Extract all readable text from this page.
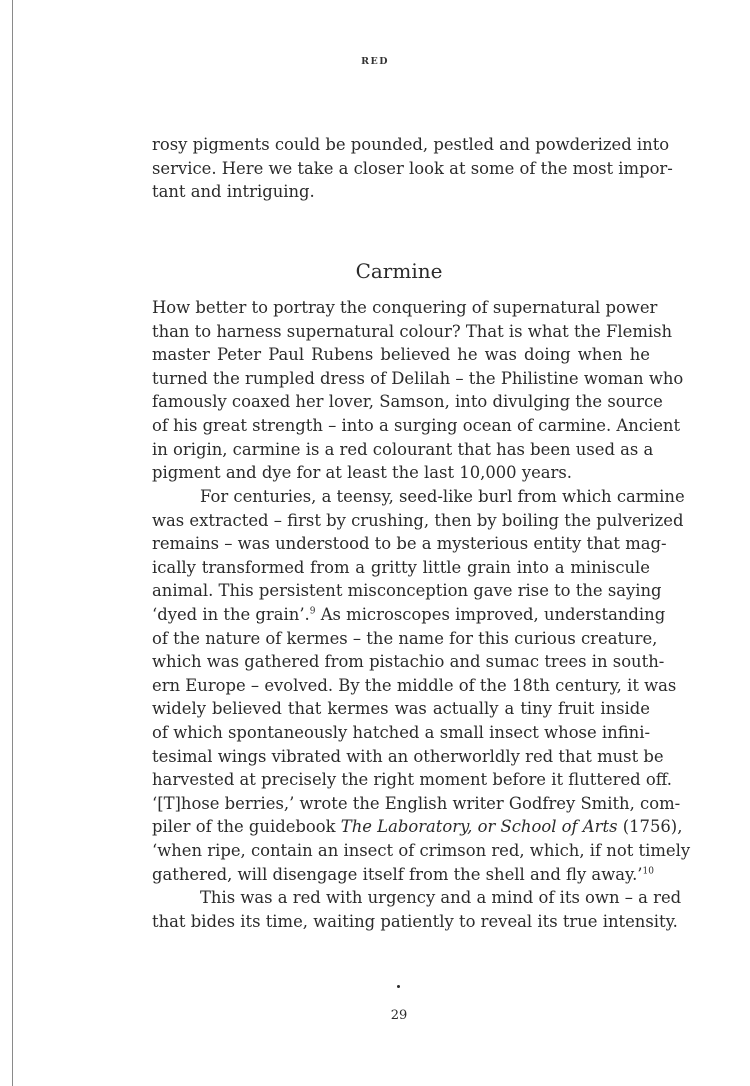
RED

rosy pigments could be pounded, pestled and powderized into
service. Here we take a closer look at some of the most impor-
tant and intriguing.

Carmine

How better to portray the conquering of supernatural power
than to harness supernatural colour? That is what the Flemish
master Peter Paul Rubens believed he was doing when he
turned the rumpled dress of Delilah – the Philistine woman who
famously coaxed her lover, Samson, into divulging the source
of his great strength – into a surging ocean of carmine. Ancient
in origin, carmine is a red colourant that has been used as a
pigment and dye for at least the last 10,000 years.

For centuries, a teensy, seed-like burl from which carmine
was extracted – first by crushing, then by boiling the pulverized
remains – was understood to be a mysterious entity that mag-
ically transformed from a gritty little grain into a miniscule
animal. This persistent misconception gave rise to the saying
‘dyed in the grain’.$^9$ As microscopes improved, understanding
of the nature of kermes – the name for this curious creature,
which was gathered from pistachio and sumac trees in south-
ern Europe – evolved. By the middle of the 18th century, it was
widely believed that kermes was actually a tiny fruit inside
of which spontaneously hatched a small insect whose infini-
tesimal wings vibrated with an otherworldly red that must be
harvested at precisely the right moment before it fluttered off.
‘[T]hose berries,’ wrote the English writer Godfrey Smith, com-
piler of the guidebook The Laboratory, or School of Arts (1756),
‘when ripe, contain an insect of crimson red, which, if not timely
gathered, will disengage itself from the shell and fly away.’$^{10}$

This was a red with urgency and a mind of its own – a red
that bides its time, waiting patiently to reveal its true intensity.

29
